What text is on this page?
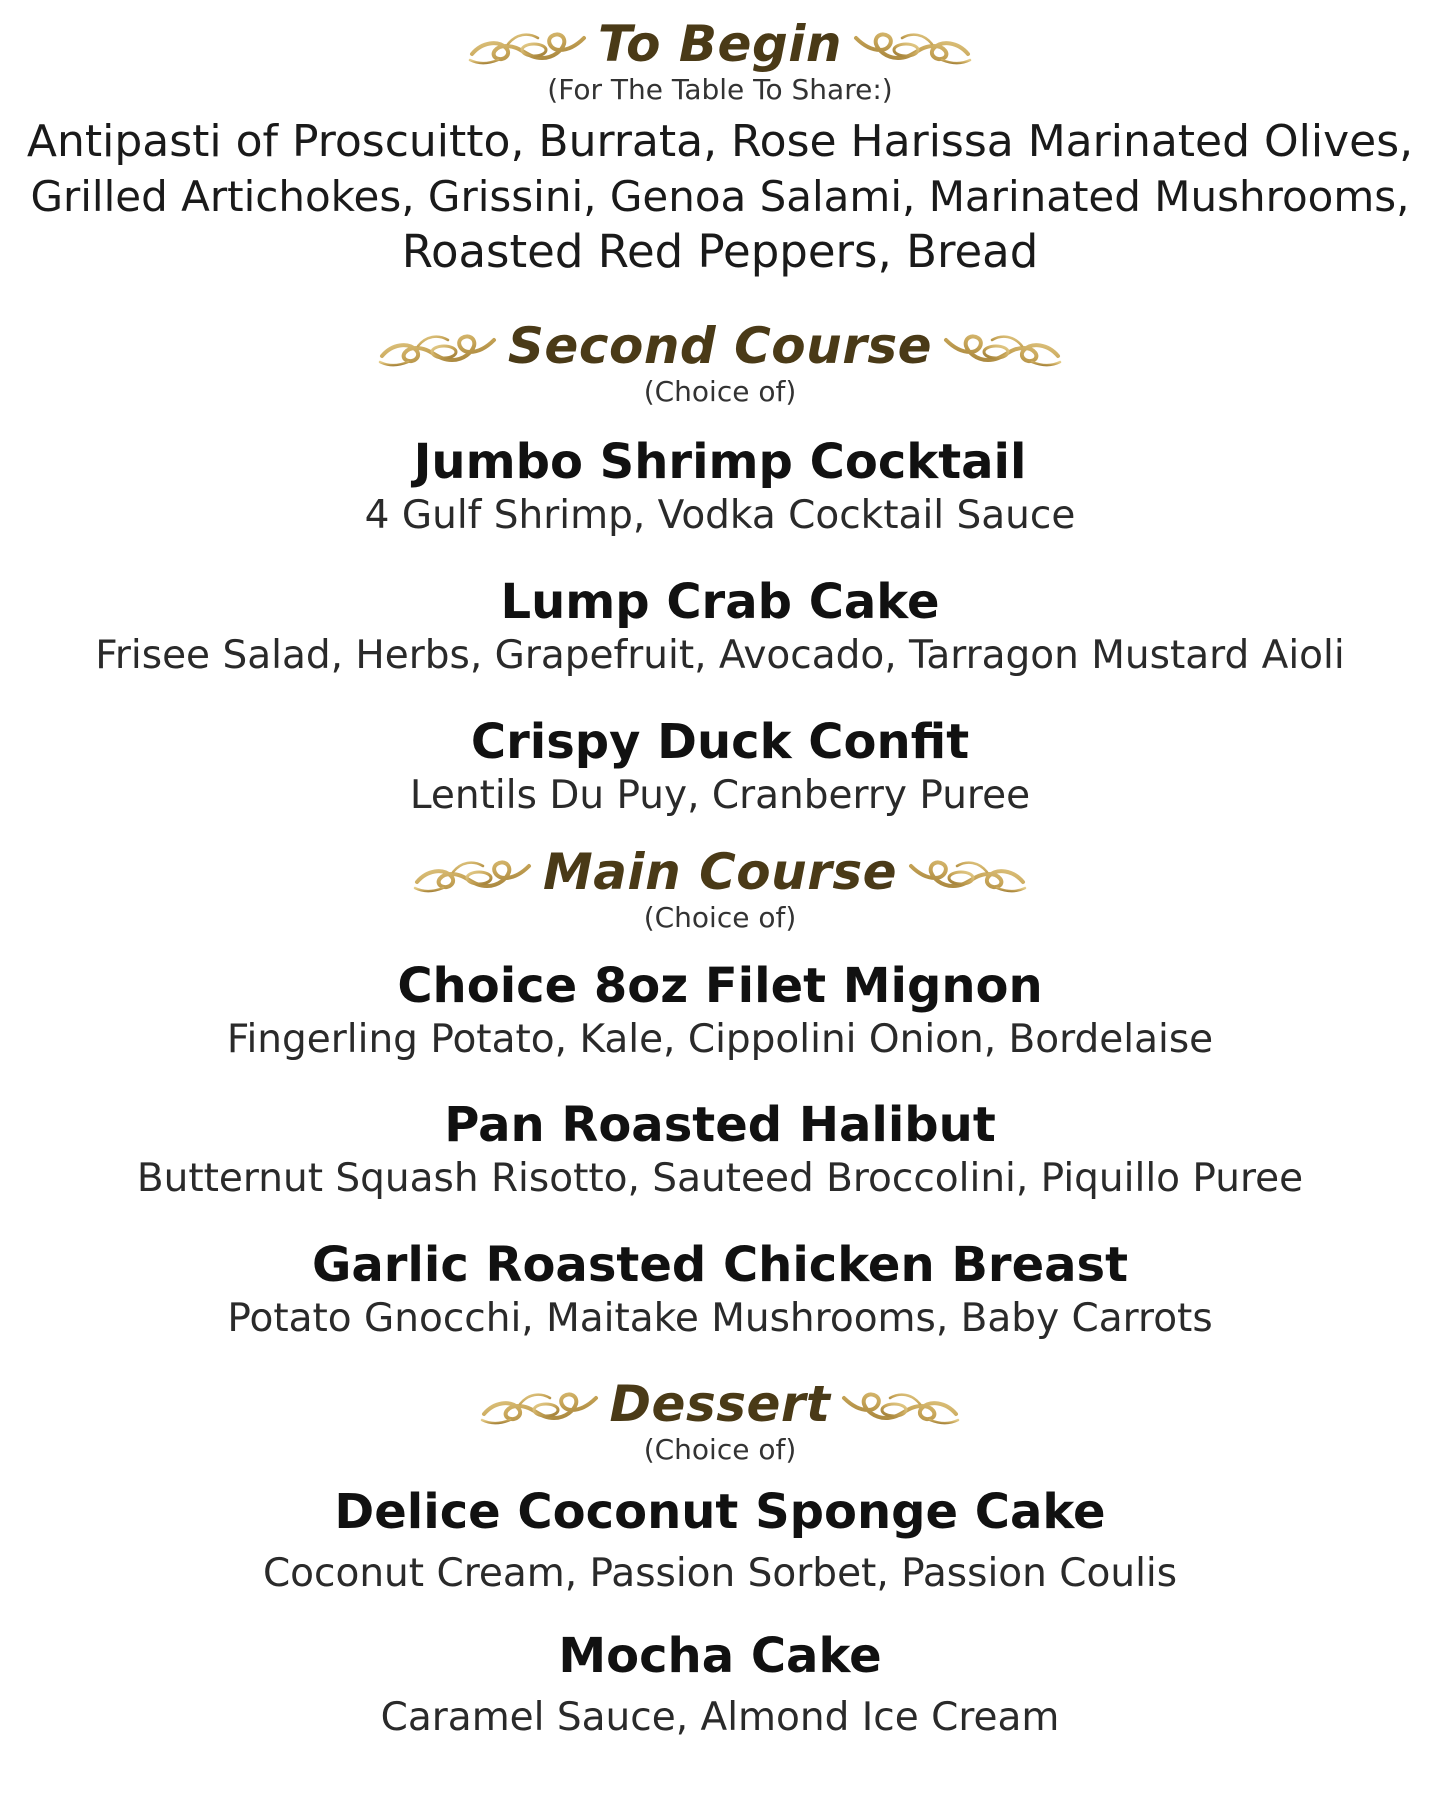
To Begin
(For The Table To Share:)
Antipasti of Proscuitto, Burrata, Rose Harissa Marinated Olives,
Grilled Artichokes, Grissini, Genoa Salami, Marinated Mushrooms,
Roasted Red Peppers, Bread
Second Course
(Choice of)
Jumbo Shrimp Cocktail
4 Gulf Shrimp, Vodka Cocktail Sauce
Lump Crab Cake
Frisee Salad, Herbs, Grapefruit, Avocado, Tarragon Mustard Aioli
Crispy Duck Confit
Lentils Du Puy, Cranberry Puree
Main Course
(Choice of)
Choice 8oz Filet Mignon
Fingerling Potato, Kale, Cippolini Onion, Bordelaise
Pan Roasted Halibut
Butternut Squash Risotto, Sauteed Broccolini, Piquillo Puree
Garlic Roasted Chicken Breast
Potato Gnocchi, Maitake Mushrooms, Baby Carrots
Dessert
(Choice of)
Delice Coconut Sponge Cake
Coconut Cream, Passion Sorbet, Passion Coulis
Mocha Cake
Caramel Sauce, Almond Ice Cream
